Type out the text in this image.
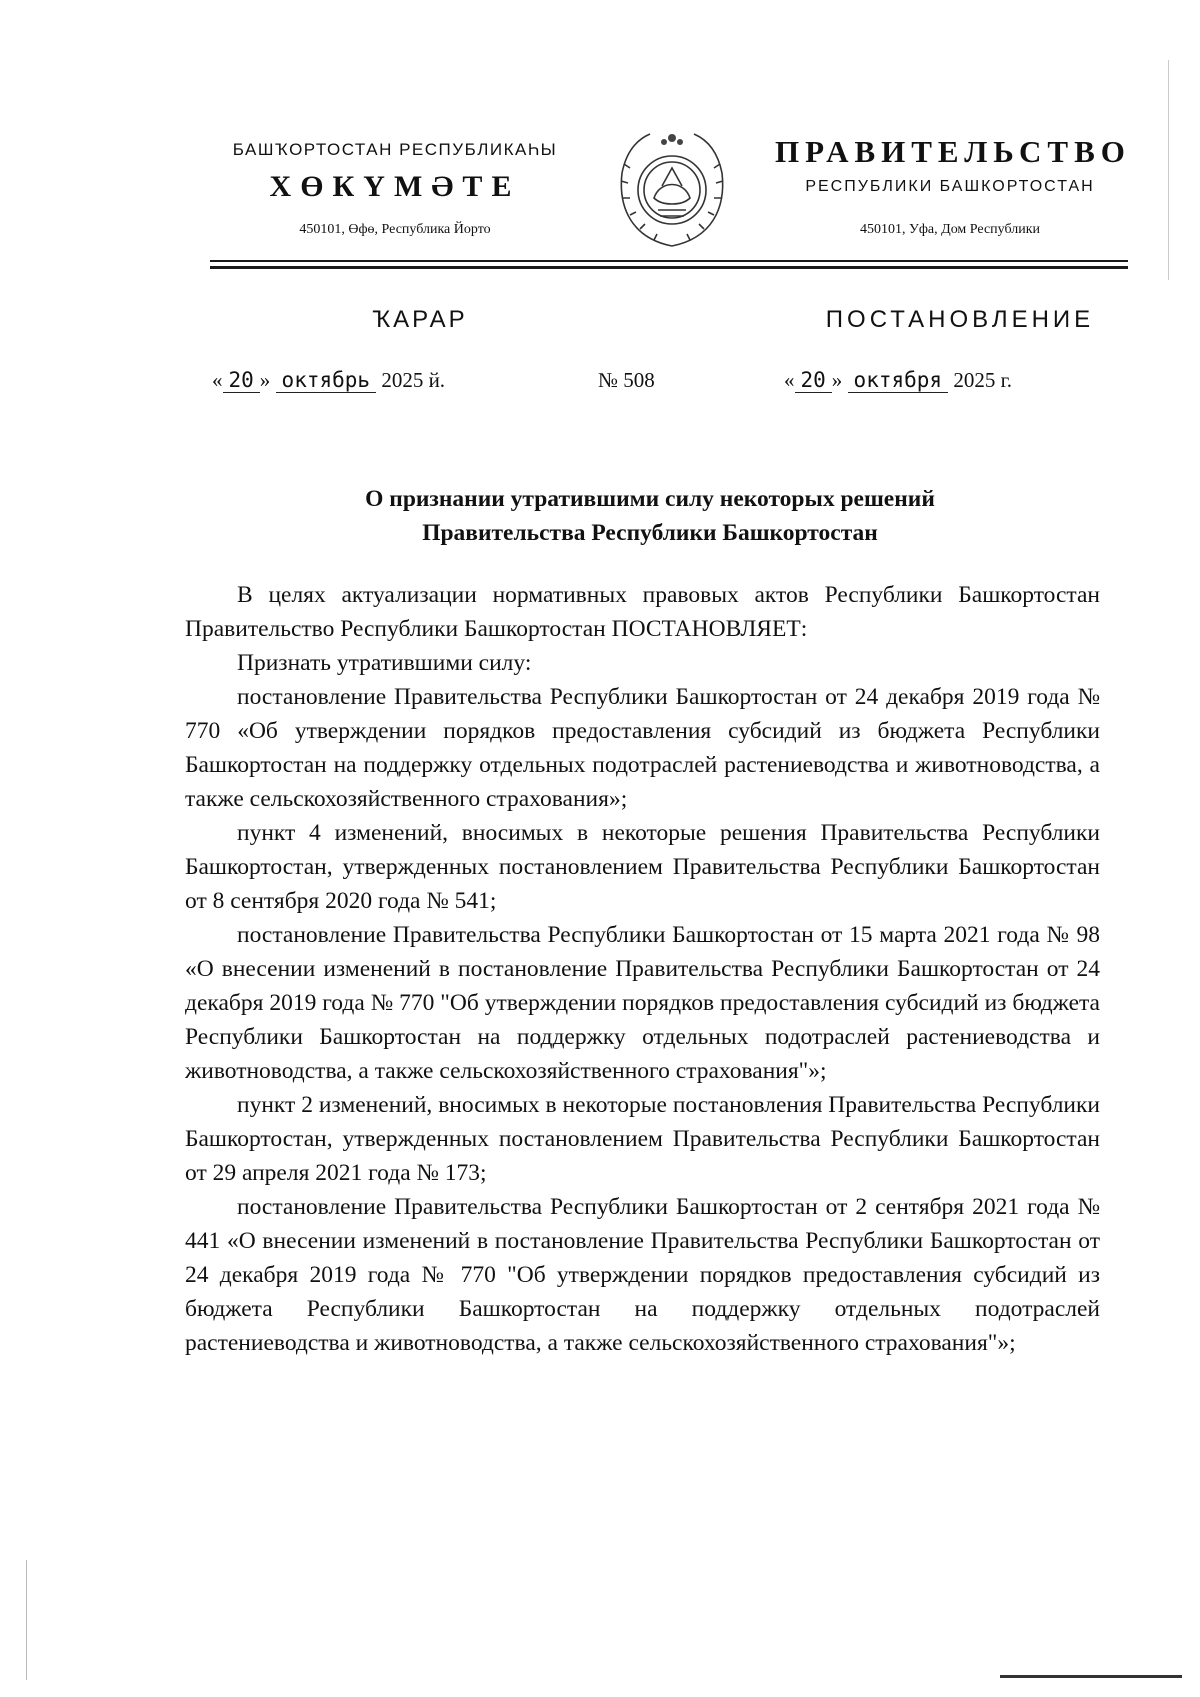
БАШҠОРТОСТАН РЕСПУБЛИКАҺЫ
ХӨКҮМӘТЕ
450101, Өфө, Республика Йорто
ПРАВИТЕЛЬСТВО
РЕСПУБЛИКИ БАШКОРТОСТАН
450101, Уфа, Дом Республики
ҠАРАР	ПОСТАНОВЛЕНИЕ
« 20 » октябрь 2025 й.	№ 508	« 20 » октября 2025 г.
О признании утратившими силу некоторых решений
Правительства Республики Башкортостан

В целях актуализации нормативных правовых актов Республики Башкортостан Правительство Республики Башкортостан ПОСТАНОВЛЯЕТ:

Признать утратившими силу:

постановление Правительства Республики Башкортостан от 24 декабря 2019 года № 770 «Об утверждении порядков предоставления субсидий из бюджета Республики Башкортостан на поддержку отдельных подотраслей растениеводства и животноводства, а также сельскохозяйственного страхования»;

пункт 4 изменений, вносимых в некоторые решения Правительства Республики Башкортостан, утвержденных постановлением Правительства Республики Башкортостан от 8 сентября 2020 года № 541;

постановление Правительства Республики Башкортостан от 15 марта 2021 года № 98 «О внесении изменений в постановление Правительства Республики Башкортостан от 24 декабря 2019 года № 770 "Об утверждении порядков предоставления субсидий из бюджета Республики Башкортостан на поддержку отдельных подотраслей растениеводства и животноводства, а также сельскохозяйственного страхования"»;

пункт 2 изменений, вносимых в некоторые постановления Правительства Республики Башкортостан, утвержденных постановлением Правительства Республики Башкортостан от 29 апреля 2021 года № 173;

постановление Правительства Республики Башкортостан от 2 сентября 2021 года № 441 «О внесении изменений в постановление Правительства Республики Башкортостан от 24 декабря 2019 года № 770 "Об утверждении порядков предоставления субсидий из бюджета Республики Башкортостан на поддержку отдельных подотраслей растениеводства и животноводства, а также сельскохозяйственного страхования"»;
